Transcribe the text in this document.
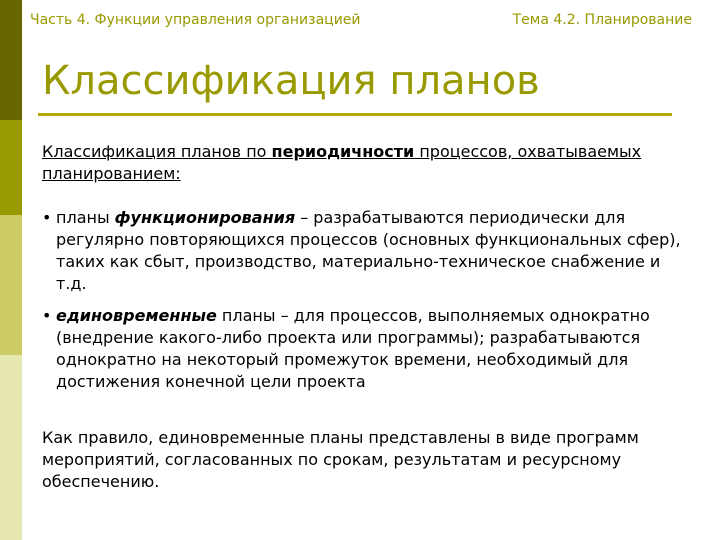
Часть 4. Функции управления организацией	Тема 4.2. Планирование
Классификация планов

Классификация планов по периодичности процессов, охватываемых планированием:

• планы функционирования – разрабатываются периодически для регулярно повторяющихся процессов (основных функциональных сфер), таких как сбыт, производство, материально-техническое снабжение и т.д.

• единовременные планы – для процессов, выполняемых однократно (внедрение какого-либо проекта или программы); разрабатываются однократно на некоторый промежуток времени, необходимый для достижения конечной цели проекта

Как правило, единовременные планы представлены в виде программ мероприятий, согласованных по срокам, результатам и ресурсному обеспечению.
